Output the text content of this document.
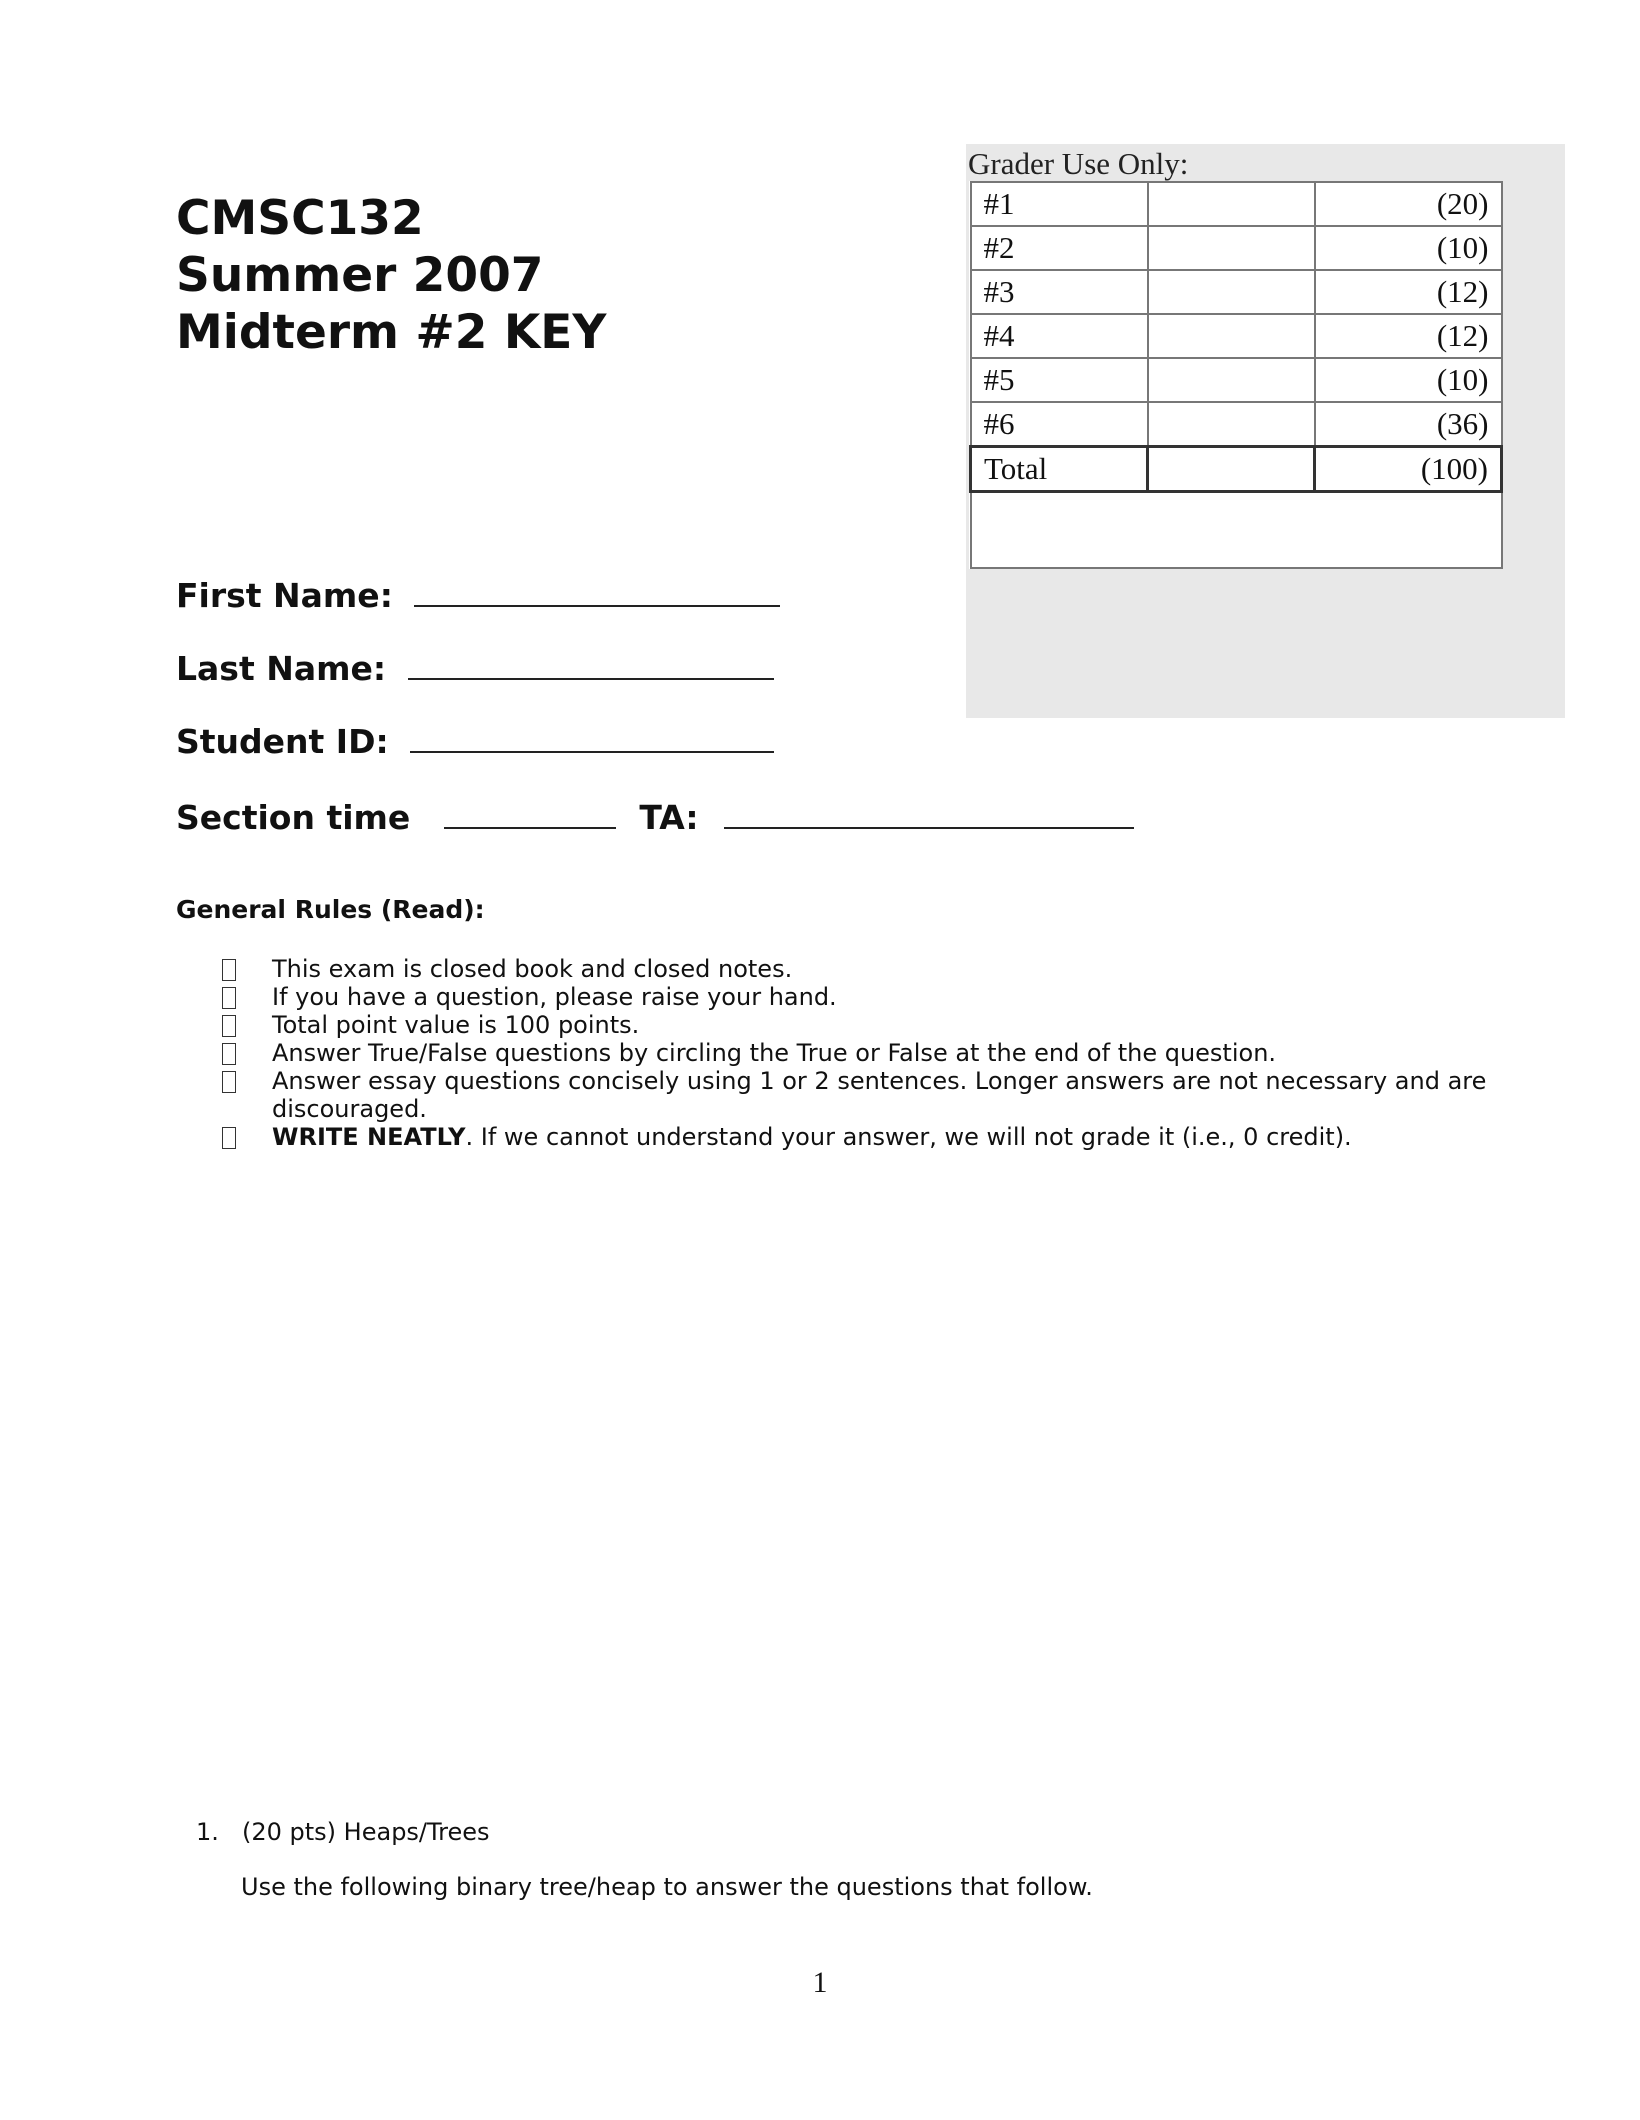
CMSC132
Summer 2007
Midterm #2 KEY
Grader Use Only:
#1		(20)
#2		(10)
#3		(12)
#4		(12)
#5		(10)
#6		(36)
Total		(100)

First Name:
Last Name:
Student ID:
Section time	TA:
General Rules (Read):
This exam is closed book and closed notes.
If you have a question, please raise your hand.
Total point value is 100 points.
Answer True/False questions by circling the True or False at the end of the question.
Answer essay questions concisely using 1 or 2 sentences. Longer answers are not necessary and are discouraged.
WRITE NEATLY. If we cannot understand your answer, we will not grade it (i.e., 0 credit).
1. (20 pts) Heaps/Trees
Use the following binary tree/heap to answer the questions that follow.
1
